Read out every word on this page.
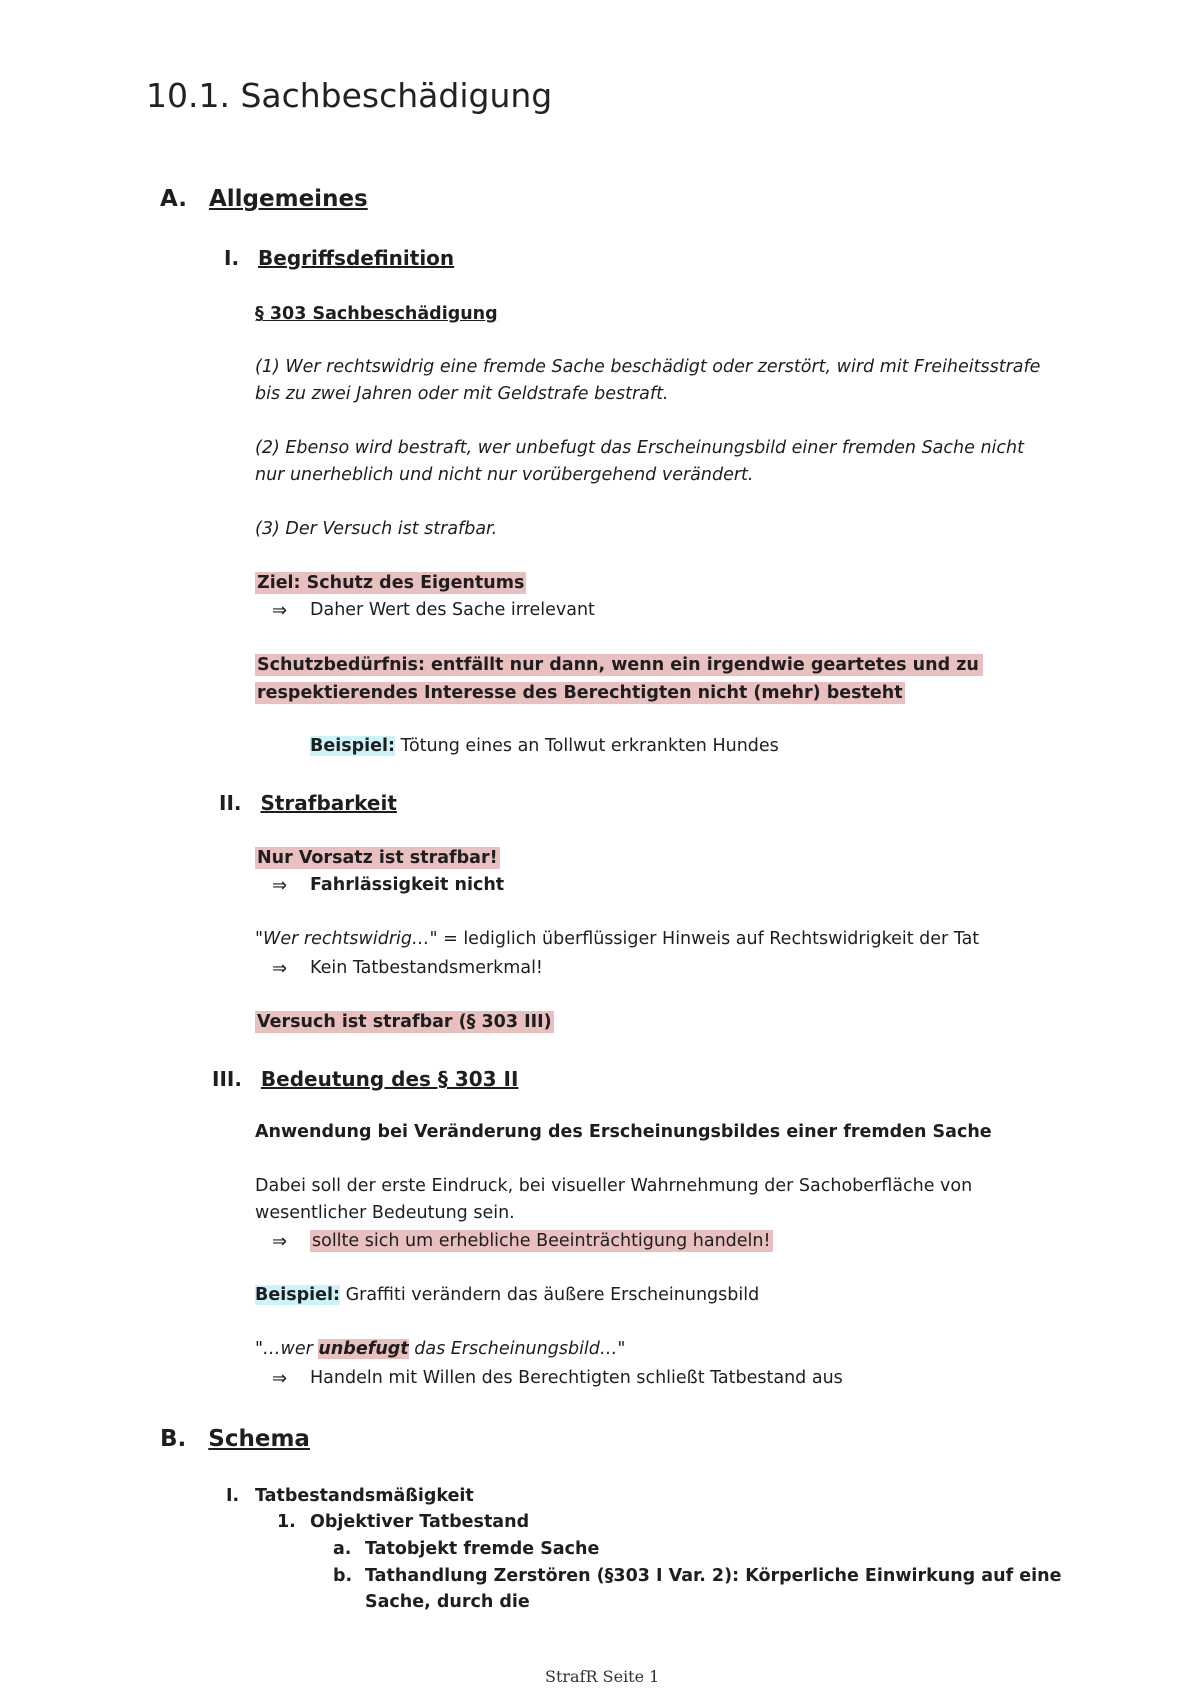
10.1. Sachbeschädigung
A. Allgemeines
I. Begriffsdefinition
§ 303 Sachbeschädigung
(1) Wer rechtswidrig eine fremde Sache beschädigt oder zerstört, wird mit Freiheitsstrafe
bis zu zwei Jahren oder mit Geldstrafe bestraft.
(2) Ebenso wird bestraft, wer unbefugt das Erscheinungsbild einer fremden Sache nicht
nur unerheblich und nicht nur vorübergehend verändert.
(3) Der Versuch ist strafbar.
Ziel: Schutz des Eigentums
⇒ Daher Wert des Sache irrelevant
Schutzbedürfnis: entfällt nur dann, wenn ein irgendwie geartetes und zu
respektierendes Interesse des Berechtigten nicht (mehr) besteht
Beispiel: Tötung eines an Tollwut erkrankten Hundes
II. Strafbarkeit
Nur Vorsatz ist strafbar!
⇒ Fahrlässigkeit nicht
"Wer rechtswidrig…" = lediglich überflüssiger Hinweis auf Rechtswidrigkeit der Tat
⇒ Kein Tatbestandsmerkmal!
Versuch ist strafbar (§ 303 III)
III. Bedeutung des § 303 II
Anwendung bei Veränderung des Erscheinungsbildes einer fremden Sache
Dabei soll der erste Eindruck, bei visueller Wahrnehmung der Sachoberfläche von
wesentlicher Bedeutung sein.
⇒ sollte sich um erhebliche Beeinträchtigung handeln!
Beispiel: Graffiti verändern das äußere Erscheinungsbild
"…wer unbefugt das Erscheinungsbild…"
⇒ Handeln mit Willen des Berechtigten schließt Tatbestand aus
B. Schema
I. Tatbestandsmäßigkeit
1. Objektiver Tatbestand
a. Tatobjekt fremde Sache
b. Tathandlung Zerstören (§303 I Var. 2): Körperliche Einwirkung auf eine
Sache, durch die
StrafR Seite 1
